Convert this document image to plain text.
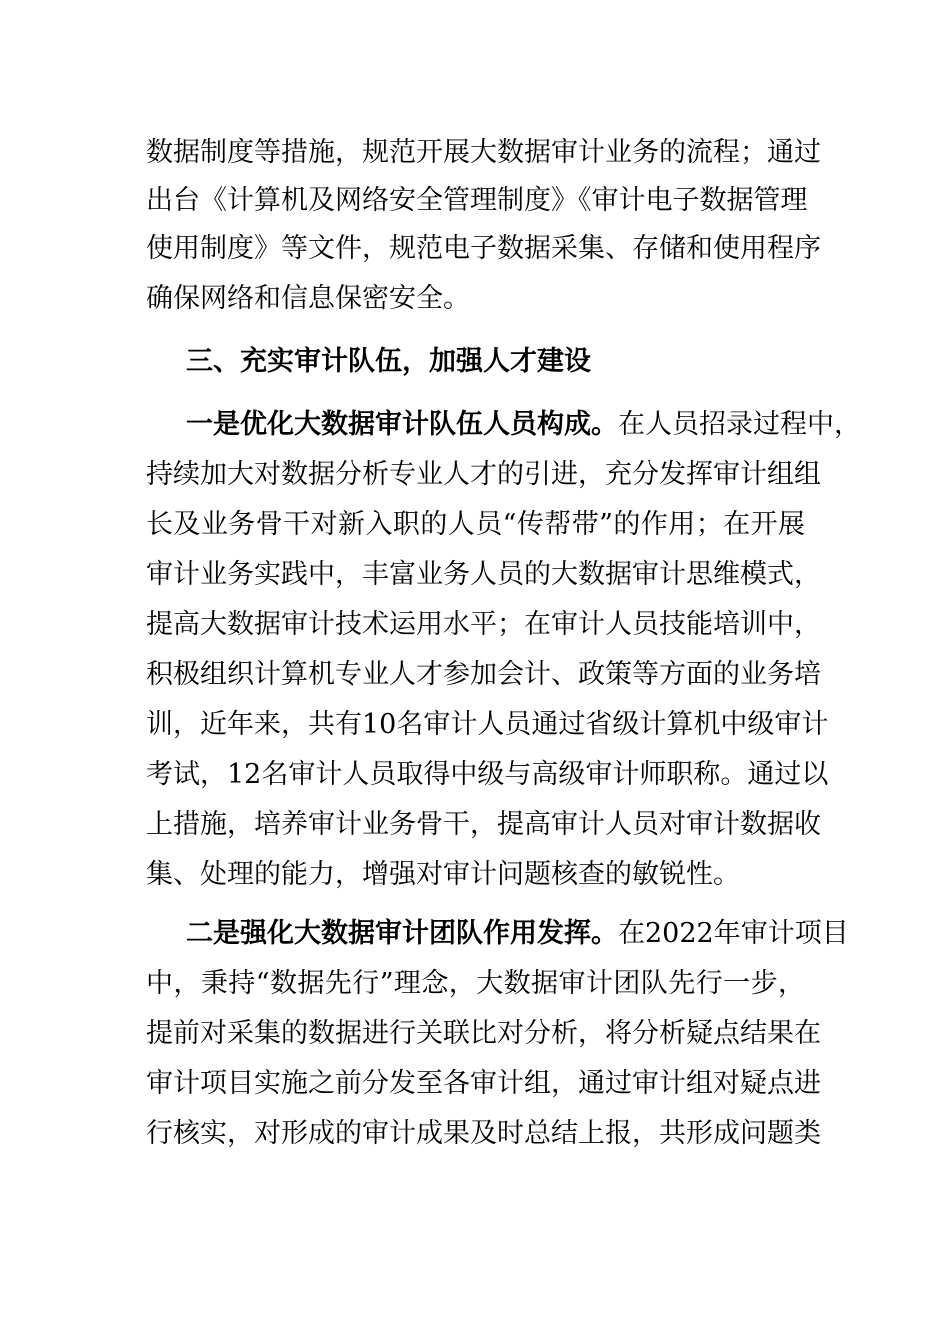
数据制度等措施，规范开展大数据审计业务的流程；通过
出台《计算机及网络安全管理制度》《审计电子数据管理
使用制度》等文件，规范电子数据采集、存储和使用程序
确保网络和信息保密安全。
三、充实审计队伍，加强人才建设
一是优化大数据审计队伍人员构成。在人员招录过程中，
持续加大对数据分析专业人才的引进，充分发挥审计组组
长及业务骨干对新入职的人员“传帮带”的作用；在开展
审计业务实践中，丰富业务人员的大数据审计思维模式，
提高大数据审计技术运用水平；在审计人员技能培训中，
积极组织计算机专业人才参加会计、政策等方面的业务培
训，近年来，共有10名审计人员通过省级计算机中级审计
考试，12名审计人员取得中级与高级审计师职称。通过以
上措施，培养审计业务骨干，提高审计人员对审计数据收
集、处理的能力，增强对审计问题核查的敏锐性。
二是强化大数据审计团队作用发挥。在2022年审计项目
中，秉持“数据先行”理念，大数据审计团队先行一步，
提前对采集的数据进行关联比对分析，将分析疑点结果在
审计项目实施之前分发至各审计组，通过审计组对疑点进
行核实，对形成的审计成果及时总结上报，共形成问题类
